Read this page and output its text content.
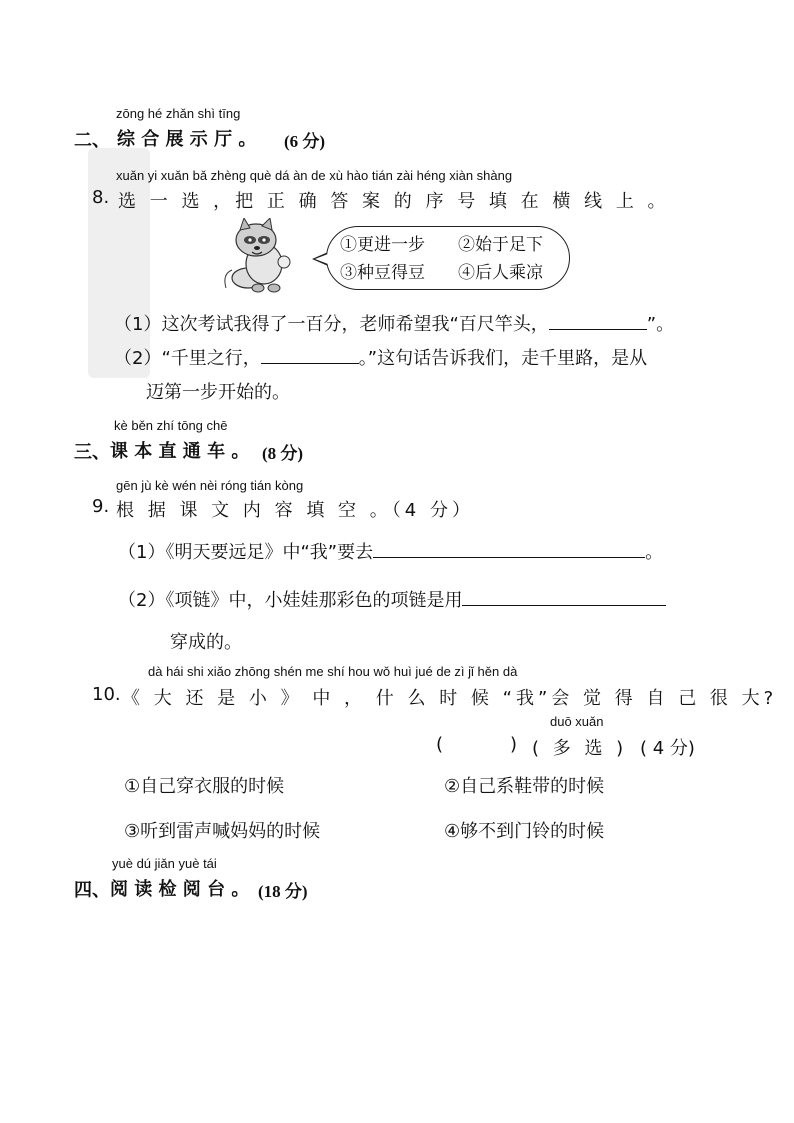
zōng hé zhǎn shì tīng
二、 综 合 展 示 厅 。 (6 分)
xuǎn yi xuǎn bǎ zhèng què dá àn de xù hào tián zài héng xiàn shàng
8. 选 一 选 ，把 正 确 答 案 的 序 号 填 在 横 线 上 。
①更进一步 ②始于足下
③种豆得豆 ④后人乘凉
（1）这次考试我得了一百分，老师希望我“百尺竿头，	”。
（2）“千里之行，	。”这句话告诉我们，走千里路，是从
迈第一步开始的。
kè běn zhí tōng chē
三、 课 本 直 通 车 。 (8 分)
gēn jù kè wén nèi róng tián kòng
9. 根 据 课 文 内 容 填 空 。（4 分）
（1）《明天要远足》中“我”要去	。
（2）《项链》中，小娃娃那彩色的项链是用
穿成的。
dà hái shi xiǎo zhōng shén me shí hou wǒ huì jué de zì jǐ hěn dà
10. 《 大 还 是 小 》 中 ， 什 么 时 候 “我”会 觉 得 自 己 很 大?
duō xuǎn
(	) ( 多 选 ) ( 4 分)
①自己穿衣服的时候	②自己系鞋带的时候
③听到雷声喊妈妈的时候	④够不到门铃的时候
yuè dú jiǎn yuè tái
四、 阅 读 检 阅 台 。 (18 分)
